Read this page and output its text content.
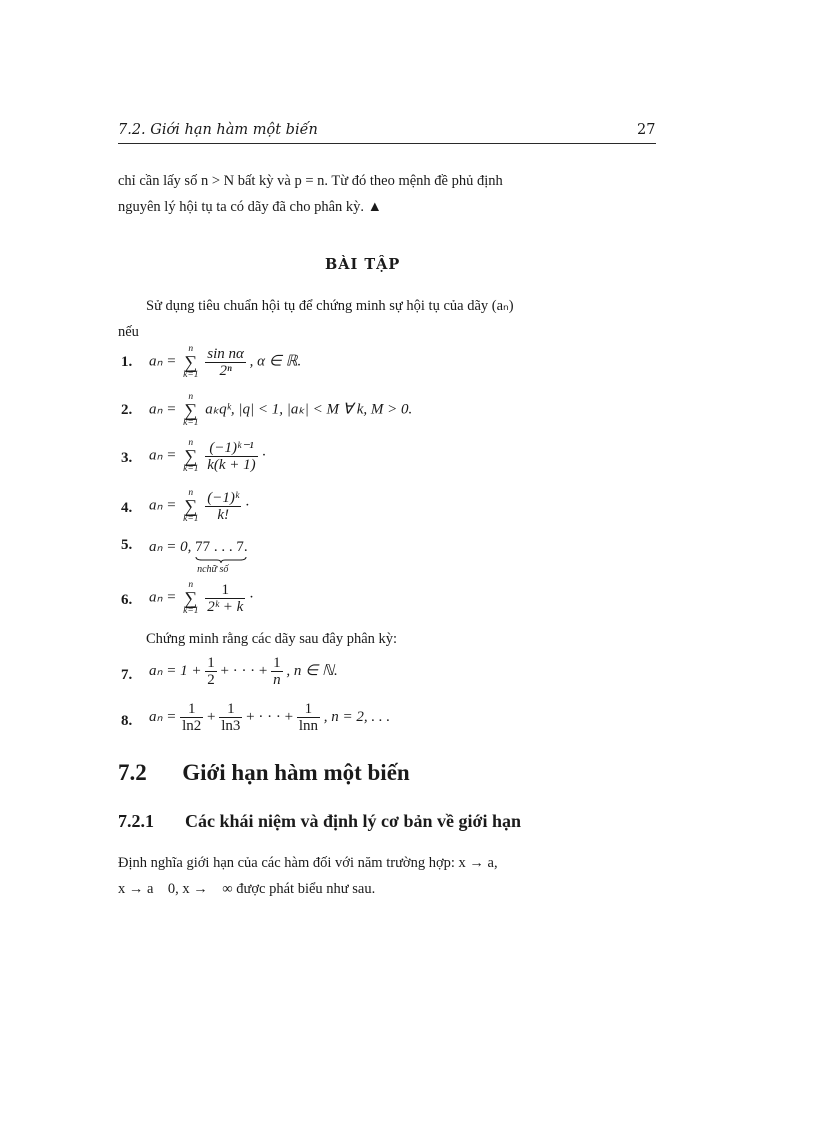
7.2. Giới hạn hàm một biến	27
chỉ cần lấy số n > N bất kỳ và p = n. Từ đó theo mệnh đề phủ định
nguyên lý hội tụ ta có dãy đã cho phân kỳ. ▲
BÀI TẬP
Sử dụng tiêu chuẩn hội tụ để chứng minh sự hội tụ của dãy (aₙ)
nếu
1. aₙ =
n
∑
k=1
$\frac{\text{sin nα}}{\text{2ⁿ}}$ , α ∈ ℝ.
2. aₙ =
n
∑
k=1
aₖqᵏ, |q| < 1, |aₖ| < M ∀ k, M > 0.
3. aₙ =
n
∑
k=1
$\frac{\text{(−1)ᵏ⁻¹}}{k(k + 1)}$ ·
4. aₙ =
n
∑
k=1
$\frac{\text{(−1)ᵏ}}{k!}$ ·
5. aₙ = 0, 77 . . . 7
nchữ số
.
6. aₙ =
n
∑
k=1
$\frac{1}{\text{2ᵏ + k}}$ ·
Chứng minh rằng các dãy sau đây phân kỳ:
7. $a_n = 1 + \frac{1}{2}$ + · · · + $\frac{1}{n}$ , n ∈ ℕ.
8. $a_n = \frac{1}{\ln 2} + \frac{1}{\ln 3}$ + · · · + $\frac{1}{\ln n}$ , n = 2, . . .
7.2 Giới hạn hàm một biến
7.2.1 Các khái niệm và định lý cơ bản về giới hạn
Định nghĩa giới hạn của các hàm đối với năm trường hợp: x → a,
x → a    0, x →    ∞ được phát biểu như sau.
